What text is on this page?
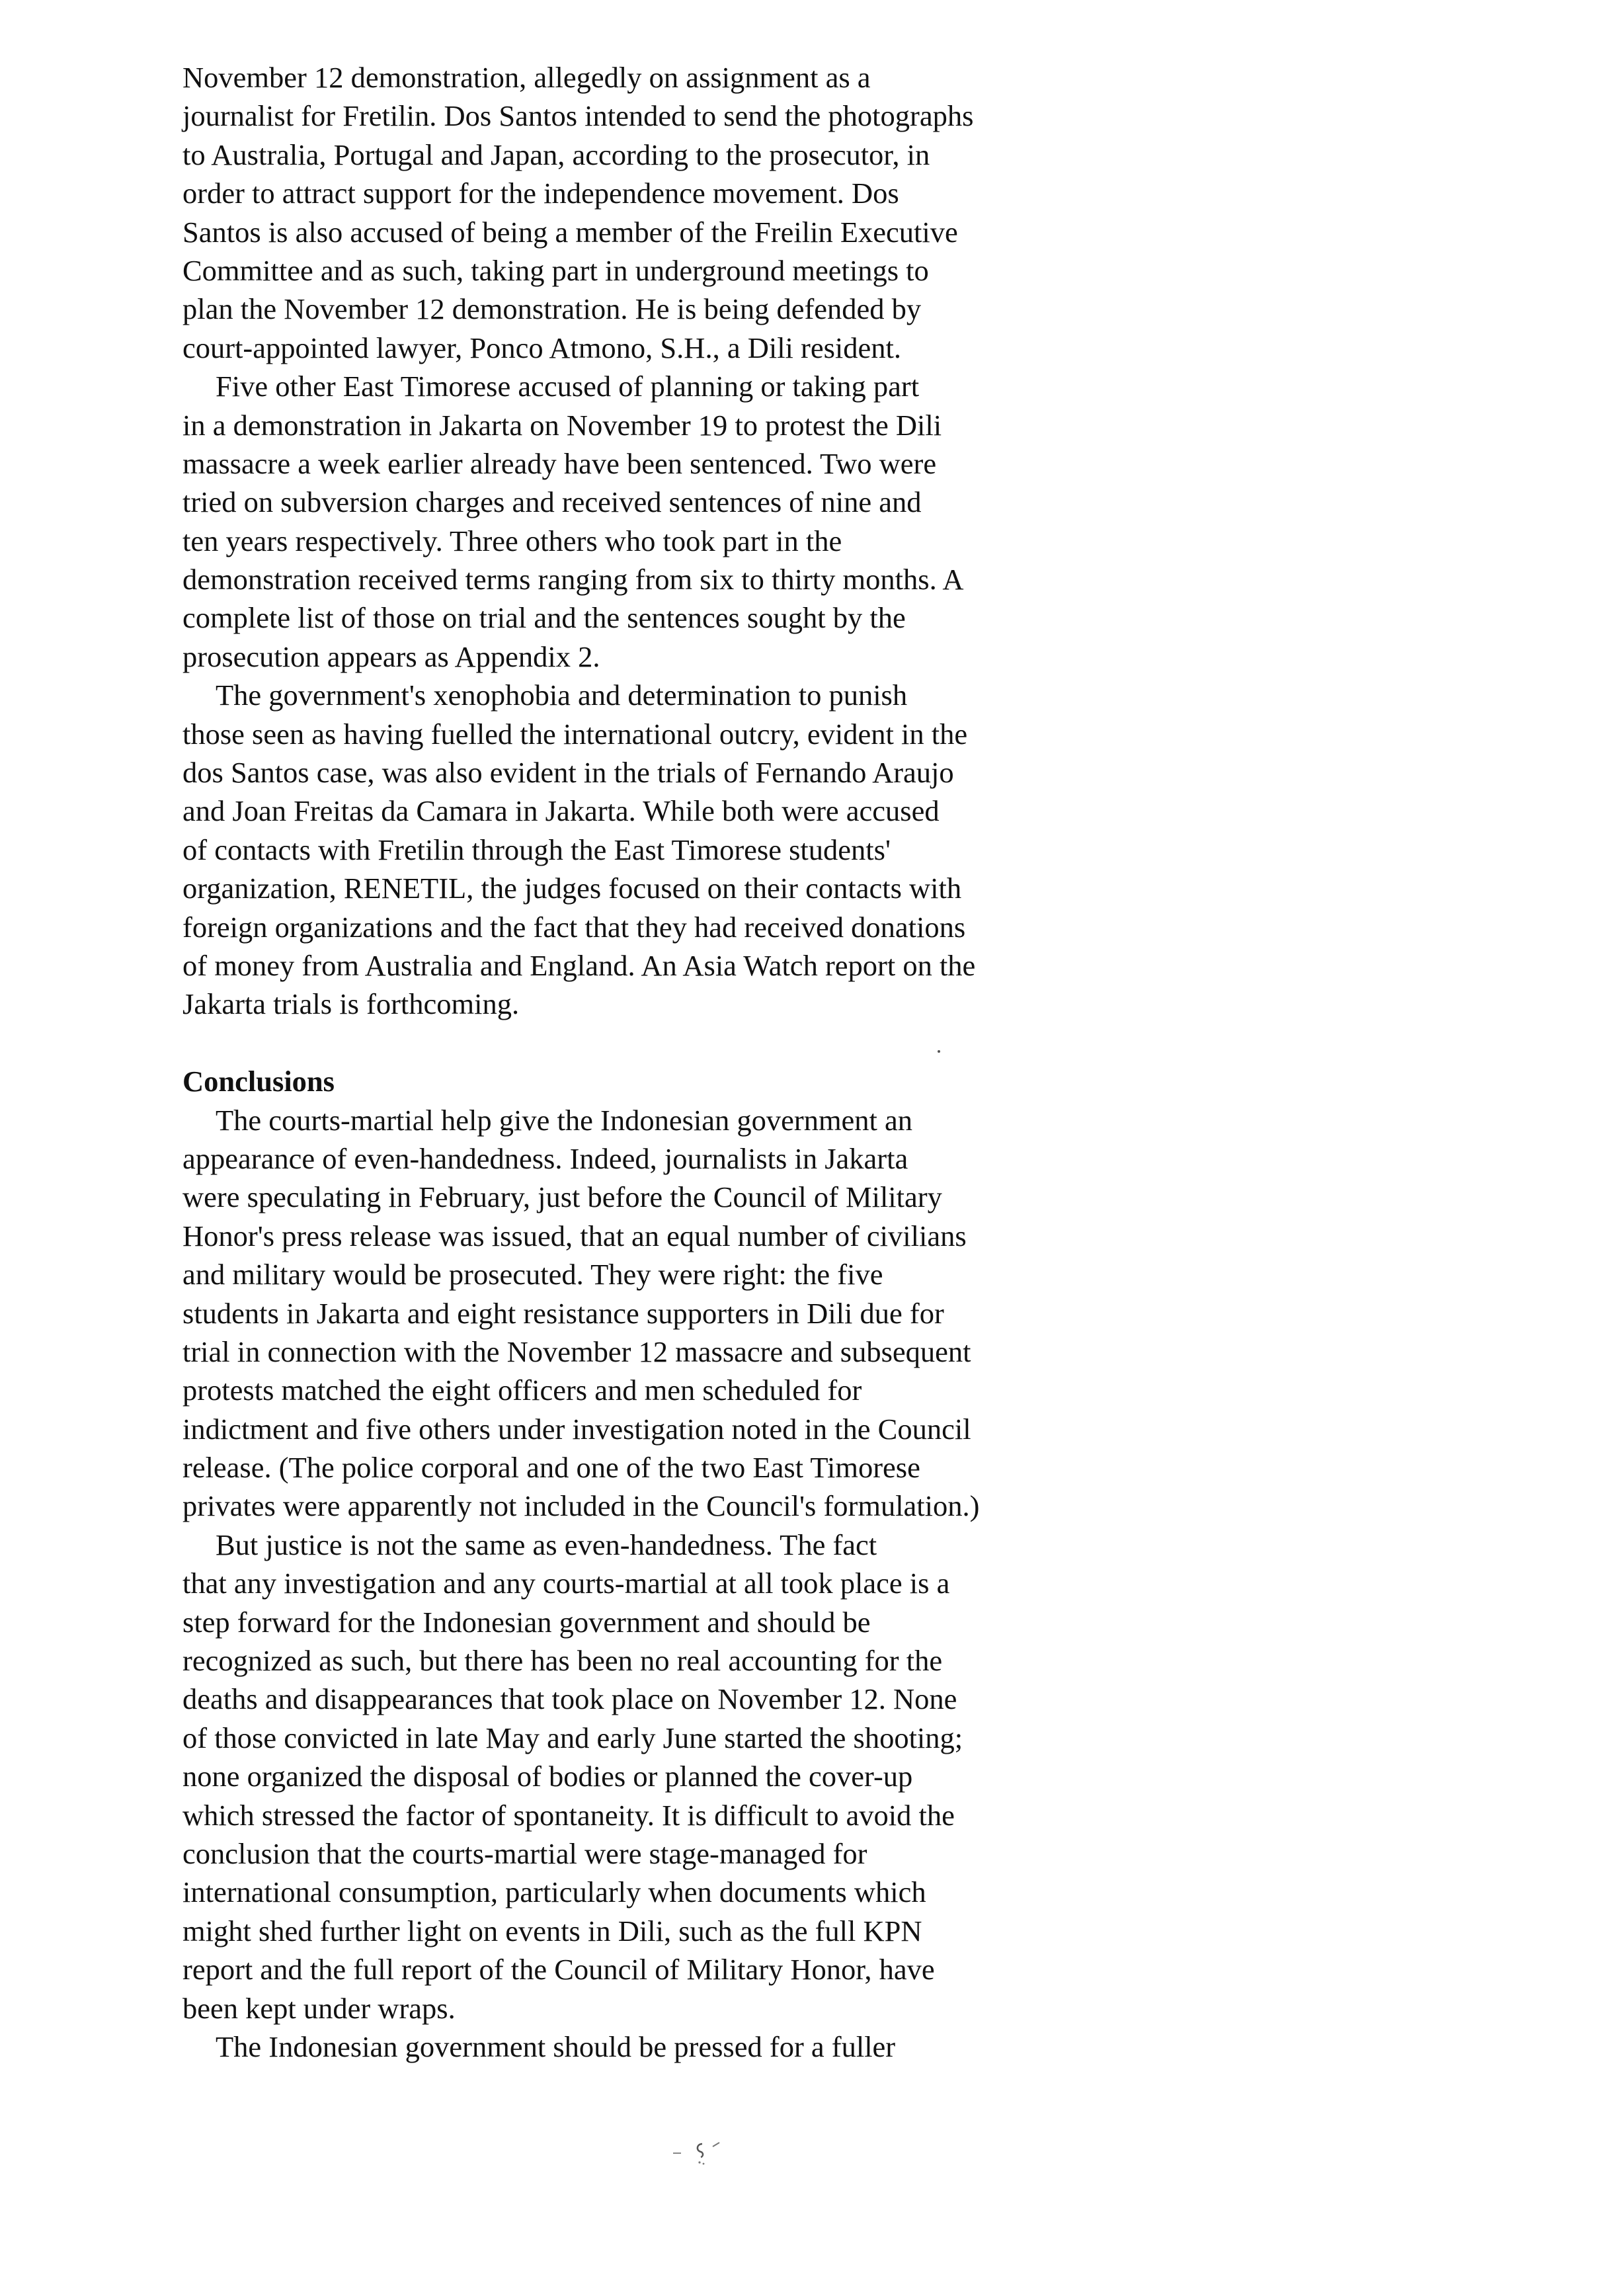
November 12 demonstration, allegedly on assignment as a
journalist for Fretilin. Dos Santos intended to send the photographs
to Australia, Portugal and Japan, according to the prosecutor, in
order to attract support for the independence movement. Dos
Santos is also accused of being a member of the Freilin Executive
Committee and as such, taking part in underground meetings to
plan the November 12 demonstration. He is being defended by
court-appointed lawyer, Ponco Atmono, S.H., a Dili resident.
Five other East Timorese accused of planning or taking part
in a demonstration in Jakarta on November 19 to protest the Dili
massacre a week earlier already have been sentenced. Two were
tried on subversion charges and received sentences of nine and
ten years respectively. Three others who took part in the
demonstration received terms ranging from six to thirty months. A
complete list of those on trial and the sentences sought by the
prosecution appears as Appendix 2.
The government's xenophobia and determination to punish
those seen as having fuelled the international outcry, evident in the
dos Santos case, was also evident in the trials of Fernando Araujo
and Joan Freitas da Camara in Jakarta. While both were accused
of contacts with Fretilin through the East Timorese students'
organization, RENETIL, the judges focused on their contacts with
foreign organizations and the fact that they had received donations
of money from Australia and England. An Asia Watch report on the
Jakarta trials is forthcoming.
Conclusions
The courts-martial help give the Indonesian government an
appearance of even-handedness. Indeed, journalists in Jakarta
were speculating in February, just before the Council of Military
Honor's press release was issued, that an equal number of civilians
and military would be prosecuted. They were right: the five
students in Jakarta and eight resistance supporters in Dili due for
trial in connection with the November 12 massacre and subsequent
protests matched the eight officers and men scheduled for
indictment and five others under investigation noted in the Council
release. (The police corporal and one of the two East Timorese
privates were apparently not included in the Council's formulation.)
But justice is not the same as even-handedness. The fact
that any investigation and any courts-martial at all took place is a
step forward for the Indonesian government and should be
recognized as such, but there has been no real accounting for the
deaths and disappearances that took place on November 12. None
of those convicted in late May and early June started the shooting;
none organized the disposal of bodies or planned the cover-up
which stressed the factor of spontaneity. It is difficult to avoid the
conclusion that the courts-martial were stage-managed for
international consumption, particularly when documents which
might shed further light on events in Dili, such as the full KPN
report and the full report of the Council of Military Honor, have
been kept under wraps.
The Indonesian government should be pressed for a fuller
